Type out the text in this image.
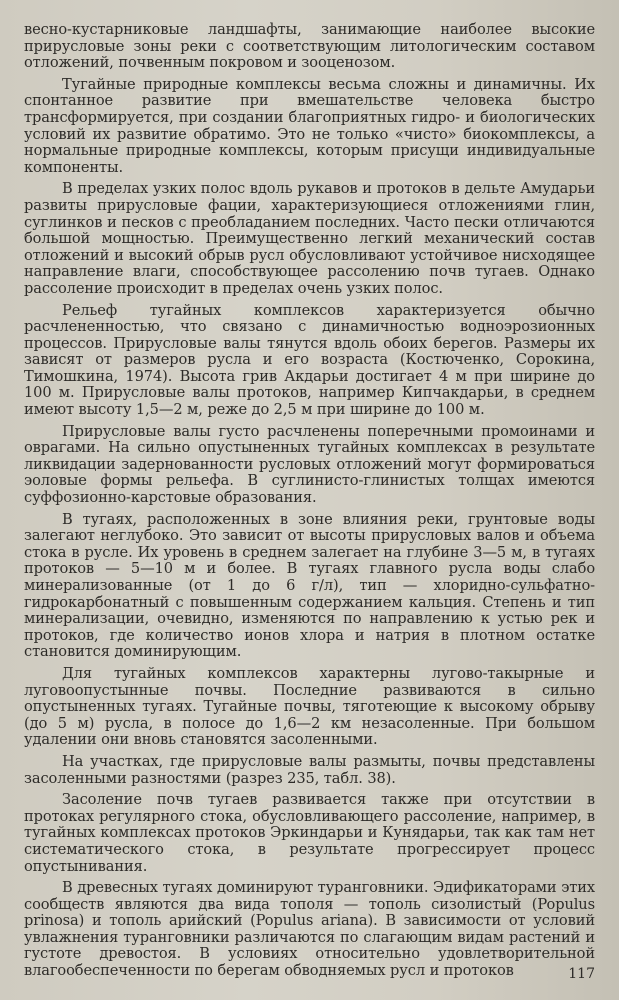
весно-кустарниковые ландшафты, занимающие наиболее высокие прирусловые зоны реки с соответствующим литологическим составом отложений, почвенным покровом и зооценозом.

Тугайные природные комплексы весьма сложны и динамичны. Их спонтанное развитие при вмешательстве человека быстро трансформируется, при создании благоприятных гидро- и биологических условий их развитие обратимо. Это не только «чисто» биокомплексы, а нормальные природные комплексы, которым присущи индивидуальные компоненты.

В пределах узких полос вдоль рукавов и протоков в дельте Амударьи развиты прирусловые фации, характеризующиеся отложениями глин, суглинков и песков с преобладанием последних. Часто пески отличаются большой мощностью. Преимущественно легкий механический состав отложений и высокий обрыв русл обусловливают устойчивое нисходящее направление влаги, способствующее рассолению почв тугаев. Однако рассоление происходит в пределах очень узких полос.

Рельеф тугайных комплексов характеризуется обычно расчлененностью, что связано с динамичностью водноэрозионных процессов. Прирусловые валы тянутся вдоль обоих берегов. Размеры их зависят от размеров русла и его возраста (Костюченко, Сорокина, Тимошкина, 1974). Высота грив Акдарьи достигает 4 м при ширине до 100 м. Прирусловые валы протоков, например Кипчакдарьи, в среднем имеют высоту 1,5—2 м, реже до 2,5 м при ширине до 100 м.

Прирусловые валы густо расчленены поперечными промоинами и оврагами. На сильно опустыненных тугайных комплексах в результате ликвидации задернованности русловых отложений могут формироваться эоловые формы рельефа. В суглинисто-глинистых толщах имеются суффозионно-карстовые образования.

В тугаях, расположенных в зоне влияния реки, грунтовые воды залегают неглубоко. Это зависит от высоты прирусловых валов и объема стока в русле. Их уровень в среднем залегает на глубине 3—5 м, в тугаях протоков — 5—10 м и более. В тугаях главного русла воды слабо минерализованные (от 1 до 6 г/л), тип — хлоридно-сульфатно-гидрокарбонатный с повышенным содержанием кальция. Степень и тип минерализации, очевидно, изменяются по направлению к устью рек и протоков, где количество ионов хлора и натрия в плотном остатке становится доминирующим.

Для тугайных комплексов характерны лугово-такырные и луговоопустынные почвы. Последние развиваются в сильно опустыненных тугаях. Тугайные почвы, тяготеющие к высокому обрыву (до 5 м) русла, в полосе до 1,6—2 км незасоленные. При большом удалении они вновь становятся засоленными.

На участках, где прирусловые валы размыты, почвы представлены засоленными разностями (разрез 235, табл. 38).

Засоление почв тугаев развивается также при отсутствии в протоках регулярного стока, обусловливающего рассоление, например, в тугайных комплексах протоков Эркиндарьи и Кунядарьи, так как там нет систематического стока, в результате прогрессирует процесс опустынивания.

В древесных тугаях доминируют туранговники. Эдификаторами этих сообществ являются два вида тополя — тополь сизолистый (Populus prinosa) и тополь арийский (Populus ariana). В зависимости от условий увлажнения туранговники различаются по слагающим видам растений и густоте древостоя. В условиях относительно удовлетворительной влагообеспеченности по берегам обводняемых русл и протоков	117
